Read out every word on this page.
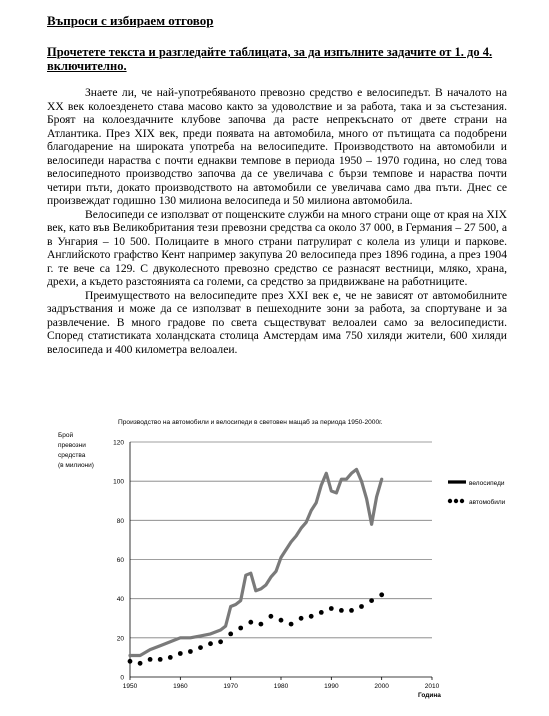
Въпроси с избираем отговор
Прочетете текста и разгледайте таблицата, за да изпълните задачите от 1. до 4. включително.

Знаете ли, че най-употребяваното превозно средство е велосипедът. В началото на XX век колоезденето става масово както за удоволствие и за работа, така и за състезания. Броят на колоездачните клубове започва да расте непрекъснато от двете страни на Атлантика. През XIX век, преди появата на автомобила, много от пътищата са подобрени благодарение на широката употреба на велосипедите. Производството на автомобили и велосипеди нараства с почти еднакви темпове в периода 1950 – 1970 година, но след това велосипедното производство започва да се увеличава с бързи темпове и нараства почти четири пъти, докато производството на автомобили се увеличава само два пъти. Днес се произвеждат годишно 130 милиона велосипеда и 50 милиона автомобила.

Велосипеди се използват от пощенските служби на много страни още от края на XIX век, като във Великобритания тези превозни средства са около 37 000, в Германия – 27 500, а в Унгария – 10 500. Полицаите в много страни патрулират с колела из улици и паркове. Английското графство Кент например закупува 20 велосипеда през 1896 година, а през 1904 г. те вече са 129. С двуколесното превозно средство се разнасят вестници, мляко, храна, дрехи, а където разстоянията са големи, са средство за придвижване на работниците.

Преимуществото на велосипедите през XXI век е, че не зависят от автомобилните задръствания и може да се използват в пешеходните зони за работа, за спортуване и за развлечение. В много градове по света съществуват велоалеи само за велосипедисти. Според статистиката холандската столица Амстердам има 750 хиляди жители, 600 хиляди велосипеда и 400 километра велоалеи.

Производство на автомобили и велосипеди в световен мащаб за периода 1950-2000г.
Брой
превозни
средства
(в милиони)
0
20
40
60
80
100
120
1950	1960	1970	1980	1990	2000	2010
Година
велосипеди
автомобили
